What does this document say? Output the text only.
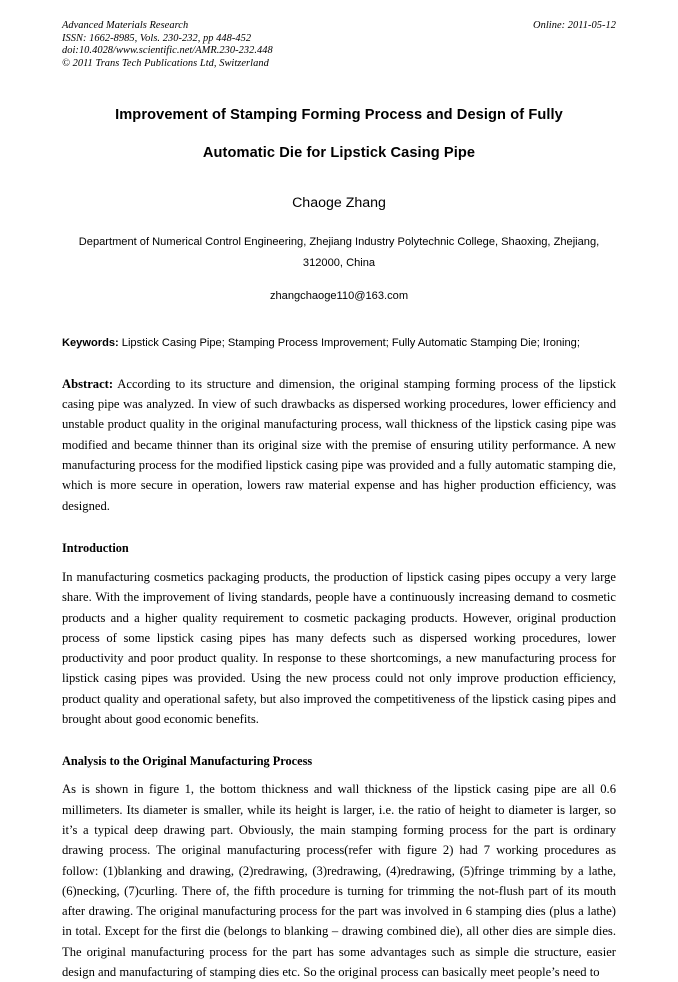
Advanced Materials Research
ISSN: 1662-8985, Vols. 230-232, pp 448-452
doi:10.4028/www.scientific.net/AMR.230-232.448
© 2011 Trans Tech Publications Ltd, Switzerland
Online: 2011-05-12
Improvement of Stamping Forming Process and Design of Fully
Automatic Die for Lipstick Casing Pipe
Chaoge Zhang
Department of Numerical Control Engineering, Zhejiang Industry Polytechnic College, Shaoxing, Zhejiang, 312000, China
zhangchaoge110@163.com
Keywords: Lipstick Casing Pipe; Stamping Process Improvement; Fully Automatic Stamping Die; Ironing;
Abstract: According to its structure and dimension, the original stamping forming process of the lipstick casing pipe was analyzed. In view of such drawbacks as dispersed working procedures, lower efficiency and unstable product quality in the original manufacturing process, wall thickness of the lipstick casing pipe was modified and became thinner than its original size with the premise of ensuring utility performance. A new manufacturing process for the modified lipstick casing pipe was provided and a fully automatic stamping die, which is more secure in operation, lowers raw material expense and has higher production efficiency, was designed.
Introduction
In manufacturing cosmetics packaging products, the production of lipstick casing pipes occupy a very large share. With the improvement of living standards, people have a continuously increasing demand to cosmetic products and a higher quality requirement to cosmetic packaging products. However, original production process of some lipstick casing pipes has many defects such as dispersed working procedures, lower productivity and poor product quality. In response to these shortcomings, a new manufacturing process for lipstick casing pipes was provided. Using the new process could not only improve production efficiency, product quality and operational safety, but also improved the competitiveness of the lipstick casing pipes and brought about good economic benefits.
Analysis to the Original Manufacturing Process
As is shown in figure 1, the bottom thickness and wall thickness of the lipstick casing pipe are all 0.6 millimeters. Its diameter is smaller, while its height is larger, i.e. the ratio of height to diameter is larger, so it’s a typical deep drawing part. Obviously, the main stamping forming process for the part is ordinary drawing process. The original manufacturing process(refer with figure 2) had 7 working procedures as follow: (1)blanking and drawing, (2)redrawing, (3)redrawing, (4)redrawing, (5)fringe trimming by a lathe, (6)necking, (7)curling. There of, the fifth procedure is turning for trimming the not-flush part of its mouth after drawing. The original manufacturing process for the part was involved in 6 stamping dies (plus a lathe) in total. Except for the first die (belongs to blanking – drawing combined die), all other dies are simple dies. The original manufacturing process for the part has some advantages such as simple die structure, easier design and manufacturing of stamping dies etc. So the original process can basically meet people’s need to
